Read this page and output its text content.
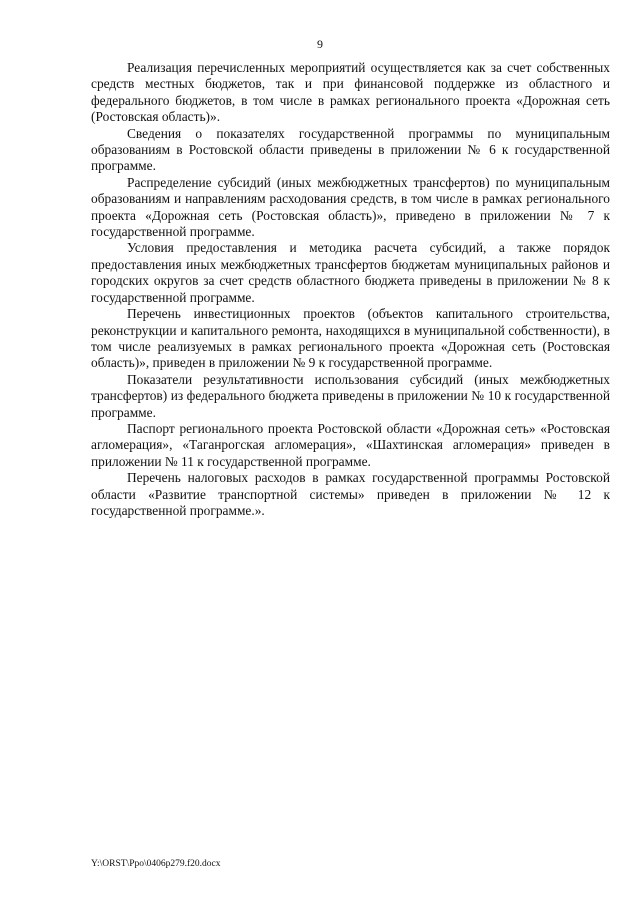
9

Реализация перечисленных мероприятий осуществляется как за счет собственных средств местных бюджетов, так и при финансовой поддержке из областного и федерального бюджетов, в том числе в рамках регионального проекта «Дорожная сеть (Ростовская область)».

Сведения о показателях государственной программы по муниципальным образованиям в Ростовской области приведены в приложении № 6 к государственной программе.

Распределение субсидий (иных межбюджетных трансфертов) по муниципальным образованиям и направлениям расходования средств, в том числе в рамках регионального проекта «Дорожная сеть (Ростовская область)», приведено в приложении № 7 к государственной программе.

Условия предоставления и методика расчета субсидий, а также порядок предоставления иных межбюджетных трансфертов бюджетам муниципальных районов и городских округов за счет средств областного бюджета приведены в приложении № 8 к государственной программе.

Перечень инвестиционных проектов (объектов капитального строительства, реконструкции и капитального ремонта, находящихся в муниципальной собственности), в том числе реализуемых в рамках регионального проекта «Дорожная сеть (Ростовская область)», приведен в приложении № 9 к государственной программе.

Показатели результативности использования субсидий (иных межбюджетных трансфертов) из федерального бюджета приведены в приложении № 10 к государственной программе.

Паспорт регионального проекта Ростовской области «Дорожная сеть» «Ростовская агломерация», «Таганрогская агломерация», «Шахтинская агломерация» приведен в приложении № 11 к государственной программе.

Перечень налоговых расходов в рамках государственной программы Ростовской области «Развитие транспортной системы» приведен в приложении № 12 к государственной программе.».

Y:\ORST\Ppo\0406p279.f20.docx
